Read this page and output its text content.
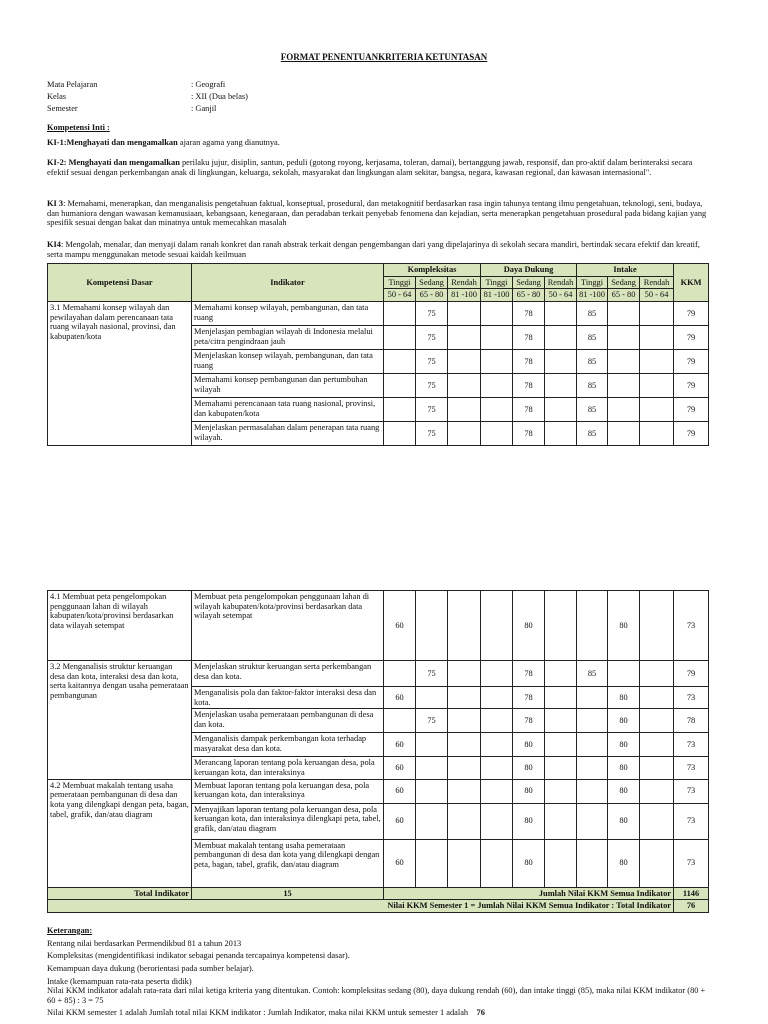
FORMAT PENENTUANKRITERIA KETUNTASAN
Mata Pelajaran	: Geografi
Kelas	: XII (Dua belas)
Semester	: Ganjil
Kompetensi Inti :
KI-1:Menghayati dan mengamalkan ajaran agama yang dianutnya.
KI-2: Menghayati dan mengamalkan perilaku jujur, disiplin, santun, peduli (gotong royong, kerjasama, toleran, damai), bertanggung jawab, responsif, dan pro-aktif dalam berinteraksi secara efektif sesuai dengan perkembangan anak di lingkungan, keluarga, sekolah, masyarakat dan lingkungan alam sekitar, bangsa, negara, kawasan regional, dan kawasan internasional".
KI 3: Memahami, menerapkan, dan menganalisis pengetahuan faktual, konseptual, prosedural, dan metakognitif berdasarkan rasa ingin tahunya tentang ilmu pengetahuan, teknologi, seni, budaya, dan humaniora dengan wawasan kemanusiaan, kebangsaan, kenegaraan, dan peradaban terkait penyebab fenomena dan kejadian, serta menerapkan pengetahuan prosedural pada bidang kajian yang spesifik sesuai dengan bakat dan minatnya untuk memecahkan masalah
KI4: Mengolah, menalar, dan menyaji dalam ranah konkret dan ranah abstrak terkait dengan pengembangan dari yang dipelajarinya di sekolah secara mandiri, bertindak secara efektif dan kreatif, serta mampu menggunakan metode sesuai kaidah keilmuan
Kompetensi Dasar	Indikator	Kompleksitas			Daya Dukung			Intake			KKM
		Tinggi	Sedang	Rendah	Tinggi	Sedang	Rendah	Tinggi	Sedang	Rendah	
		50 - 64	65 - 80	81 -100	81 -100	65 - 80	50 - 64	81 -100	65 - 80	50 - 64	
3.1 Memahami konsep wilayah dan pewilayahan dalam perencanaan tata ruang wilayah nasional, provinsi, dan kabupaten/kota	Memahami konsep wilayah, pembangunan, dan tata ruang		75			78		85			79
	Menjelasjan pembagian wilayah di Indonesia melalui peta/citra pengindraan jauh		75			78		85			79
	Menjelaskan konsep wilayah, pembangunan, dan tata ruang		75			78		85			79
	Memahami konsep pembangunan dan pertumbuhan wilayah		75			78		85			79
	Memahami perencanaan tata ruang nasional, provinsi, dan kabupaten/kota		75			78		85			79
	Menjelaskan permasalahan dalam penerapan tata ruang wilayah.		75			78		85			79
4.1 Membuat peta pengelompokan penggunaan lahan di wilayah kabupaten/kota/provinsi berdasarkan data wilayah setempat	Membuat peta pengelompokan penggunaan lahan di wilayah kabupaten/kota/provinsi berdasarkan data wilayah setempat	60				80			80		73
3.2 Menganalisis struktur keruangan desa dan kota, interaksi desa dan kota, serta kaitannya dengan usaha pemerataan pembangunan	Menjelaskan struktur keruangan serta perkembangan desa dan kota.		75			78		85			79
	Menganalisis pola dan faktor-faktor interaksi desa dan kota.	60				78			80		73
	Menjelaskan usaha pemerataan pembangunan di desa dan kota.		75			78			80		78
	Menganalisis dampak perkembangan kota terhadap masyarakat desa dan kota.	60				80			80		73
	Merancang laporan tentang pola keruangan desa, pola keruangan kota, dan interaksinya	60				80			80		73
4.2 Membuat makalah tentang usaha pemerataan pembangunan di desa dan kota yang dilengkapi dengan peta, bagan, tabel, grafik, dan/atau diagram	Membuat laporan tentang pola keruangan desa, pola keruangan kota, dan interaksinya	60				80			80		73
	Menyajikan laporan tentang pola keruangan desa, pola keruangan kota, dan interaksinya dilengkapi peta, tabel, grafik, dan/atau diagram	60				80			80		73
	Membuat makalah tentang usaha pemerataan pembangunan di desa dan kota yang dilengkapi dengan peta, bagan, tabel, grafik, dan/atau diagram	60				80			80		73
Total Indikator	15	Jumlah Nilai KKM Semua Indikator									1146
Nilai KKM Semester 1 = Jumlah Nilai KKM Semua Indikator : Total Indikator											76
Keterangan:

Rentang nilai berdasarkan Permendikbud 81 a tahun 2013

Kompleksitas (mengidentifikasi indikator sebagai penanda tercapainya kompetensi dasar).

Kemampuan daya dukung (berorientasi pada sumber belajar).

Intake (kemampuan rata-rata peserta didik)

Nilai KKM indikator adalah rata-rata dari nilai ketiga kriteria yang ditentukan. Contoh: kompleksitas sedang (80), daya dukung rendah (60), dan intake tinggi (85), maka nilai KKM indikator (80 + 60 + 85) : 3 = 75

Nilai KKM semester 1 adalah Jumlah total nilai KKM indikator : Jumlah Indikator, maka nilai KKM untuk semester 1 adalah 76
